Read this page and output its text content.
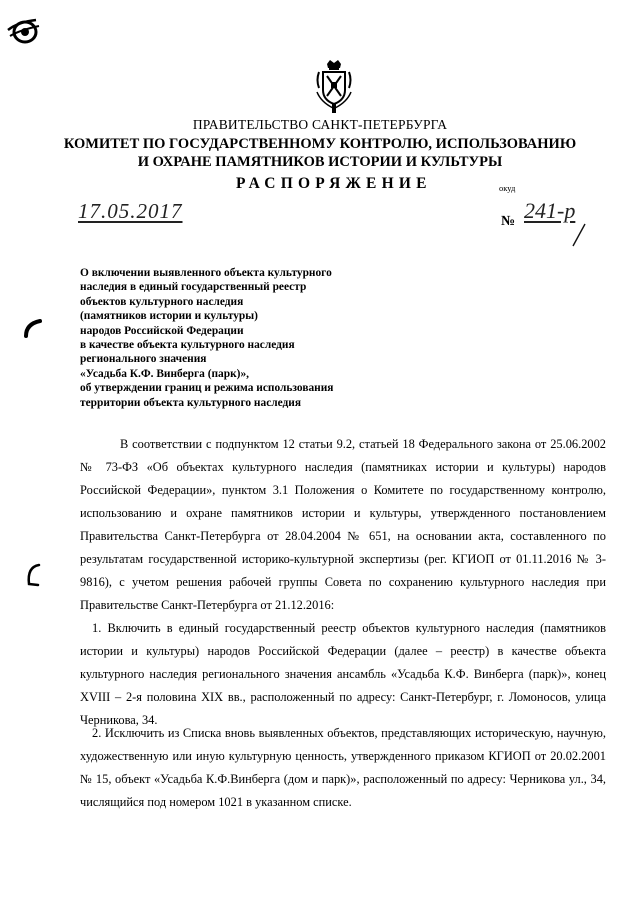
ПРАВИТЕЛЬСТВО САНКТ-ПЕТЕРБУРГА
КОМИТЕТ ПО ГОСУДАРСТВЕННОМУ КОНТРОЛЮ, ИСПОЛЬЗОВАНИЮ
И ОХРАНЕ ПАМЯТНИКОВ ИСТОРИИ И КУЛЬТУРЫ
РАСПОРЯЖЕНИЕ	окуд
17.05.2017	№ 241-р
О включении выявленного объекта культурного
наследия в единый государственный реестр
объектов культурного наследия
(памятников истории и культуры)
народов Российской Федерации
в качестве объекта культурного наследия
регионального значения
«Усадьба К.Ф. Винберга (парк)»,
об утверждении границ и режима использования
территории объекта культурного наследия
В соответствии с подпунктом 12 статьи 9.2, статьей 18 Федерального закона от 25.06.2002 № 73-ФЗ «Об объектах культурного наследия (памятниках истории и культуры) народов Российской Федерации», пунктом 3.1 Положения о Комитете по государственному контролю, использованию и охране памятников истории и культуры, утвержденного постановлением Правительства Санкт-Петербурга от 28.04.2004 № 651, на основании акта, составленного по результатам государственной историко-культурной экспертизы (рег. КГИОП от 01.11.2016 № 3-9816), с учетом решения рабочей группы Совета по сохранению культурного наследия при Правительстве Санкт-Петербурга от 21.12.2016:
1. Включить в единый государственный реестр объектов культурного наследия (памятников истории и культуры) народов Российской Федерации (далее – реестр) в качестве объекта культурного наследия регионального значения ансамбль «Усадьба К.Ф. Винберга (парк)», конец XVIII – 2-я половина XIX вв., расположенный по адресу: Санкт-Петербург, г. Ломоносов, улица Черникова, 34.
2. Исключить из Списка вновь выявленных объектов, представляющих историческую, научную, художественную или иную культурную ценность, утвержденного приказом КГИОП от 20.02.2001 № 15, объект «Усадьба К.Ф.Винберга (дом и парк)», расположенный по адресу: Черникова ул., 34, числящийся под номером 1021 в указанном списке.
